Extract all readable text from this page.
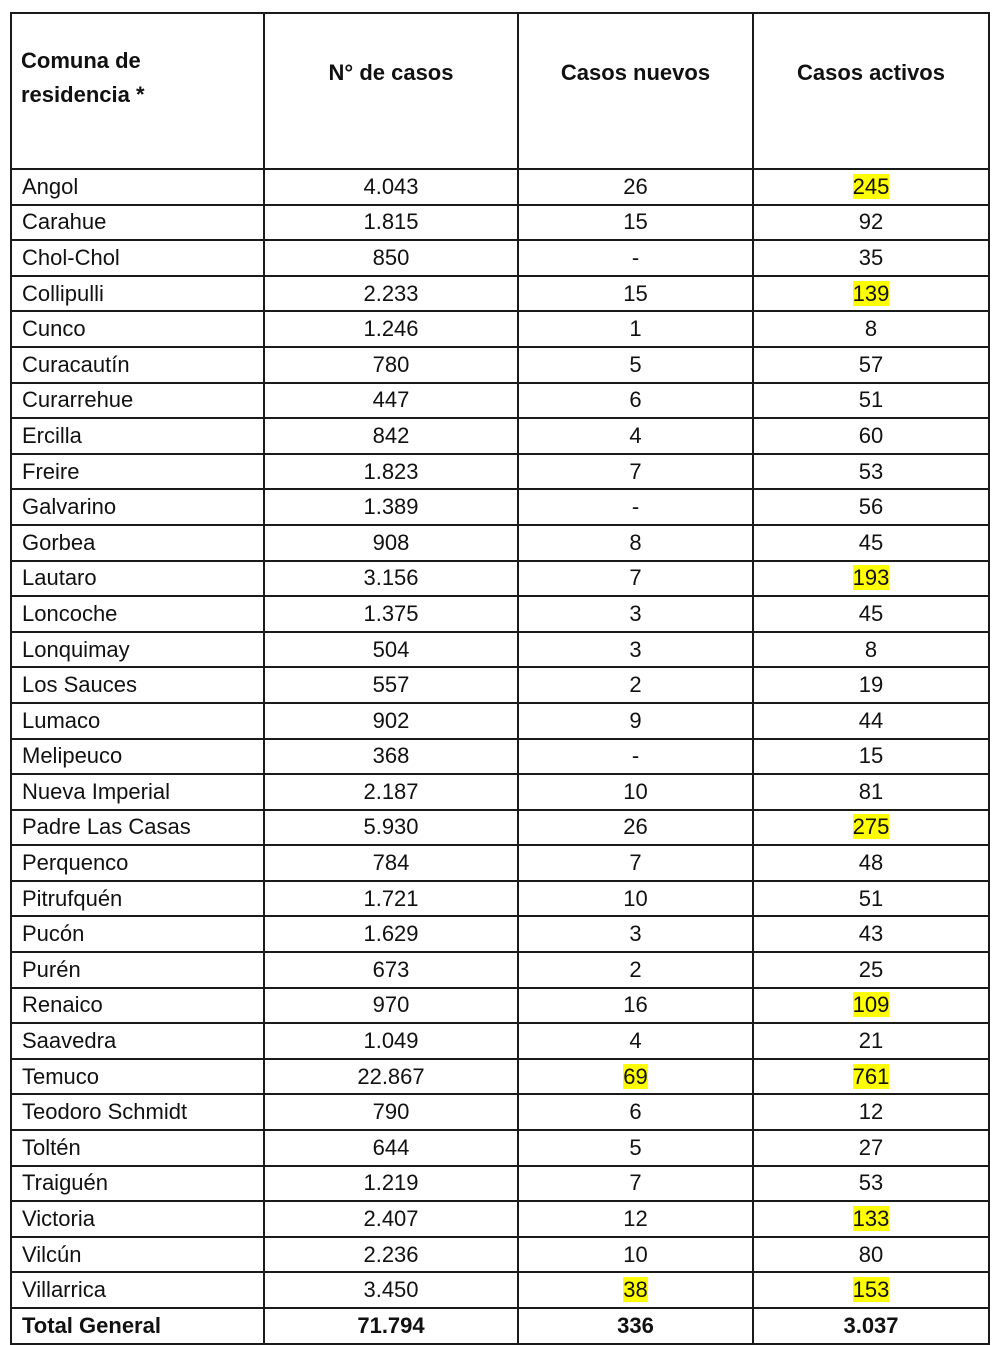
Comuna de
residencia *	N° de casos	Casos nuevos	Casos activos
Angol	4.043	26	245
Carahue	1.815	15	92
Chol-Chol	850	-	35
Collipulli	2.233	15	139
Cunco	1.246	1	8
Curacautín	780	5	57
Curarrehue	447	6	51
Ercilla	842	4	60
Freire	1.823	7	53
Galvarino	1.389	-	56
Gorbea	908	8	45
Lautaro	3.156	7	193
Loncoche	1.375	3	45
Lonquimay	504	3	8
Los Sauces	557	2	19
Lumaco	902	9	44
Melipeuco	368	-	15
Nueva Imperial	2.187	10	81
Padre Las Casas	5.930	26	275
Perquenco	784	7	48
Pitrufquén	1.721	10	51
Pucón	1.629	3	43
Purén	673	2	25
Renaico	970	16	109
Saavedra	1.049	4	21
Temuco	22.867	69	761
Teodoro Schmidt	790	6	12
Toltén	644	5	27
Traiguén	1.219	7	53
Victoria	2.407	12	133
Vilcún	2.236	10	80
Villarrica	3.450	38	153
Total General	71.794	336	3.037
